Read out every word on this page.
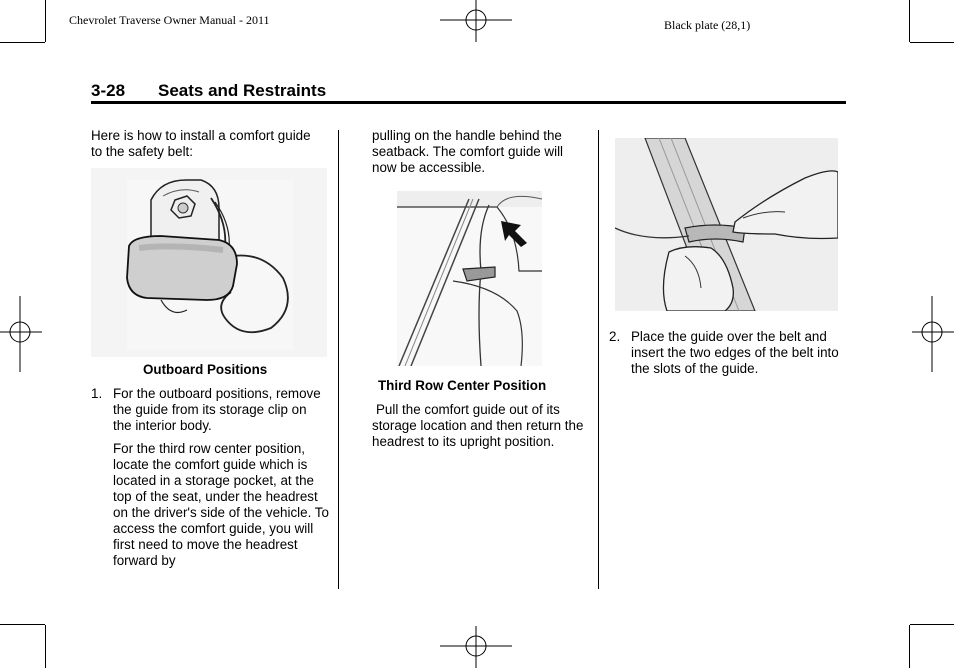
Chevrolet Traverse Owner Manual - 2011	Black plate (28,1)
3-28 Seats and Restraints
Here is how to install a comfort guide to the safety belt:
Outboard Positions
1. For the outboard positions, remove the guide from its storage clip on the interior body.
For the third row center position, locate the comfort guide which is located in a storage pocket, at the top of the seat, under the headrest on the driver's side of the vehicle. To access the comfort guide, you will first need to move the headrest forward by
pulling on the handle behind the seatback. The comfort guide will now be accessible.
Third Row Center Position
Pull the comfort guide out of its storage location and then return the headrest to its upright position.
2. Place the guide over the belt and insert the two edges of the belt into the slots of the guide.
